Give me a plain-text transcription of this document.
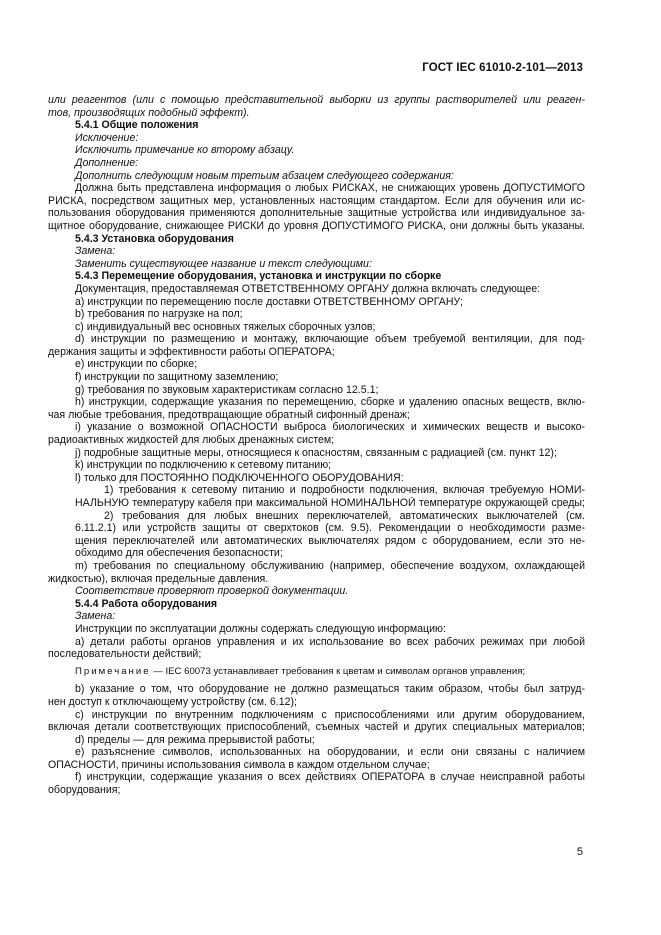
ГОСТ IEC 61010-2-101—2013

или реагентов (или с помощью представительной выборки из группы растворителей или реаген-

тов, производящих подобный эффект).

5.4.1 Общие положения

Исключение:

Исключить примечание ко второму абзацу.

Дополнение:

Дополнить следующим новым третьим абзацем следующего содержания:

Должна быть представлена информация о любых РИСКАХ, не снижающих уровень ДОПУСТИМОГО

РИСКА, посредством защитных мер, установленных настоящим стандартом. Если для обучения или ис-

пользования оборудования применяются дополнительные защитные устройства или индивидуальное за-

щитное оборудование, снижающее РИСКИ до уровня ДОПУСТИМОГО РИСКА, они должны быть указаны.

5.4.3 Установка оборудования

Замена:

Заменить существующее название и текст следующими:

5.4.3 Перемещение оборудования, установка и инструкции по сборке

Документация, предоставляемая ОТВЕТСТВЕННОМУ ОРГАНУ должна включать следующее:

а) инструкции по перемещению после доставки ОТВЕТСТВЕННОМУ ОРГАНУ;

b) требования по нагрузке на пол;

c) индивидуальный вес основных тяжелых сборочных узлов;

d) инструкции по размещению и монтажу, включающие объем требуемой вентиляции, для под-

держания защиты и эффективности работы ОПЕРАТОРА;

e) инструкции по сборке;

f) инструкции по защитному заземлению;

g) требования по звуковым характеристикам согласно 12.5.1;

h) инструкции, содержащие указания по перемещению, сборке и удалению опасных веществ, вклю-

чая любые требования, предотвращающие обратный сифонный дренаж;

i) указание о возможной ОПАСНОСТИ выброса биологических и химических веществ и высоко-

радиоактивных жидкостей для любых дренажных систем;

j) подробные защитные меры, относящиеся к опасностям, связанным с радиацией (см. пункт 12);

k) инструкции по подключению к сетевому питанию;

l) только для ПОСТОЯННО ПОДКЛЮЧЕННОГО ОБОРУДОВАНИЯ:

1) требования к сетевому питанию и подробности подключения, включая требуемую НОМИ-

НАЛЬНУЮ температуру кабеля при максимальной НОМИНАЛЬНОЙ температуре окружающей среды;

2) требования для любых внешних переключателей, автоматических выключателей (см.

6.11.2.1) или устройств защиты от сверхтоков (см. 9.5). Рекомендации о необходимости разме-

щения переключателей или автоматических выключателях рядом с оборудованием, если это не-

обходимо для обеспечения безопасности;

m) требования по специальному обслуживанию (например, обеспечение воздухом, охлаждающей

жидкостью), включая предельные давления.

Соответствие проверяют проверкой документации.

5.4.4 Работа оборудования

Замена:

Инструкции по эксплуатации должны содержать следующую информацию:

а) детали работы органов управления и их использование во всех рабочих режимах при любой

последовательности действий;

Примечание — IEC 60073 устанавливает требования к цветам и символам органов управления;

b) указание о том, что оборудование не должно размещаться таким образом, чтобы был затруд-

нен доступ к отключающему устройству (см. 6.12);

c) инструкции по внутренним подключениям с приспособлениями или другим оборудованием,

включая детали соответствующих приспособлений, съемных частей и других специальных материалов;

d) пределы — для режима прерывистой работы;

e) разъяснение символов, использованных на оборудовании, и если они связаны с наличием

ОПАСНОСТИ, причины использования символа в каждом отдельном случае;

f) инструкции, содержащие указания о всех действиях ОПЕРАТОРА в случае неисправной работы

оборудования;

5
